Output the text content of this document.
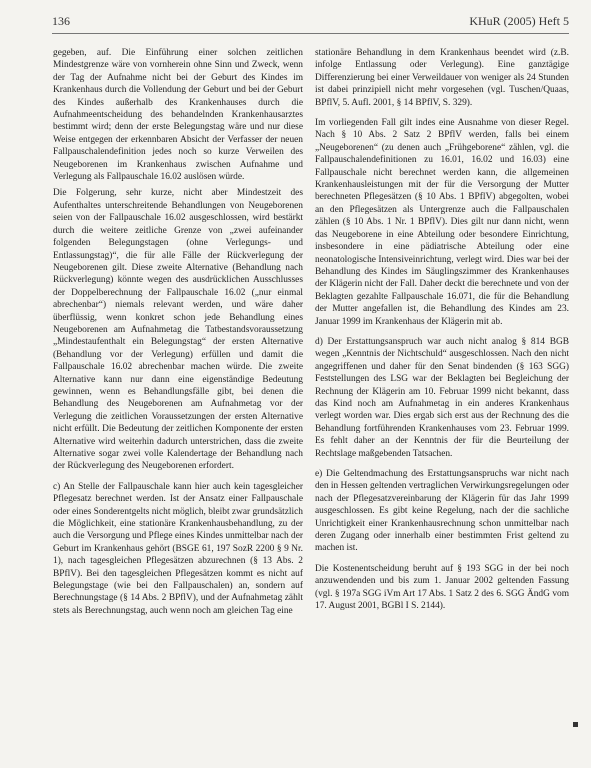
136	KHuR (2005) Heft 5

gegeben, auf. Die Einführung einer solchen zeitlichen Mindestgrenze wäre von vornherein ohne Sinn und Zweck, wenn der Tag der Aufnahme nicht bei der Geburt des Kindes im Krankenhaus durch die Vollendung der Geburt und bei der Geburt des Kindes außerhalb des Krankenhauses durch die Aufnahmeentscheidung des behandelnden Krankenhausarztes bestimmt wird; denn der erste Belegungstag wäre und nur diese Weise entgegen der erkennbaren Absicht der Verfasser der neuen Fallpauschalendefinition jedes noch so kurze Verweilen des Neugeborenen im Krankenhaus zwischen Aufnahme und Verlegung als Fallpauschale 16.02 auslösen würde.

Die Folgerung, sehr kurze, nicht aber Mindestzeit des Aufenthaltes unterschreitende Behandlungen von Neugeborenen seien von der Fallpauschale 16.02 ausgeschlossen, wird bestärkt durch die weitere zeitliche Grenze von „zwei aufeinander folgenden Belegungstagen (ohne Verlegungs- und Entlassungstag)“, die für alle Fälle der Rückverlegung der Neugeborenen gilt. Diese zweite Alternative (Behandlung nach Rückverlegung) könnte wegen des ausdrücklichen Ausschlusses der Doppelberechnung der Fallpauschale 16.02 („nur einmal abrechenbar“) niemals relevant werden, und wäre daher überflüssig, wenn konkret schon jede Behandlung eines Neugeborenen am Aufnahmetag die Tatbestandsvoraussetzung „Mindestaufenthalt ein Belegungstag“ der ersten Alternative (Behandlung vor der Verlegung) erfüllen und damit die Fallpauschale 16.02 abrechenbar machen würde. Die zweite Alternative kann nur dann eine eigenständige Bedeutung gewinnen, wenn es Behandlungsfälle gibt, bei denen die Behandlung des Neugeborenen am Aufnahmetag vor der Verlegung die zeitlichen Voraussetzungen der ersten Alternative nicht erfüllt. Die Bedeutung der zeitlichen Komponente der ersten Alternative wird weiterhin dadurch unterstrichen, dass die zweite Alternative sogar zwei volle Kalendertage der Behandlung nach der Rückverlegung des Neugeborenen erfordert.

c) An Stelle der Fallpauschale kann hier auch kein tagesgleicher Pflegesatz berechnet werden. Ist der Ansatz einer Fallpauschale oder eines Sonderentgelts nicht möglich, bleibt zwar grundsätzlich die Möglichkeit, eine stationäre Krankenhausbehandlung, zu der auch die Versorgung und Pflege eines Kindes unmittelbar nach der Geburt im Krankenhaus gehört (BSGE 61, 197 SozR 2200 § 9 Nr. 1), nach tagesgleichen Pflegesätzen abzurechnen (§ 13 Abs. 2 BPflV). Bei den tagesgleichen Pflegesätzen kommt es nicht auf Belegungstage (wie bei den Fallpauschalen) an, sondern auf Berechnungstage (§ 14 Abs. 2 BPflV), und der Aufnahmetag zählt stets als Berechnungstag, auch wenn noch am gleichen Tag eine

stationäre Behandlung in dem Krankenhaus beendet wird (z.B. infolge Entlassung oder Verlegung). Eine ganztägige Differenzierung bei einer Verweildauer von weniger als 24 Stunden ist dabei prinzipiell nicht mehr vorgesehen (vgl. Tuschen/Quaas, BPflV, 5. Aufl. 2001, § 14 BPflV, S. 329).

Im vorliegenden Fall gilt indes eine Ausnahme von dieser Regel. Nach § 10 Abs. 2 Satz 2 BPflV werden, falls bei einem „Neugeborenen“ (zu denen auch „Frühgeborene“ zählen, vgl. die Fallpauschalendefinitionen zu 16.01, 16.02 und 16.03) eine Fallpauschale nicht berechnet werden kann, die allgemeinen Krankenhausleistungen mit der für die Versorgung der Mutter berechneten Pflegesätzen (§ 10 Abs. 1 BPflV) abgegolten, wobei an den Pflegesätzen als Untergrenze auch die Fallpauschalen zählen (§ 10 Abs. 1 Nr. 1 BPflV). Dies gilt nur dann nicht, wenn das Neugeborene in eine Abteilung oder besondere Einrichtung, insbesondere in eine pädiatrische Abteilung oder eine neonatologische Intensiveinrichtung, verlegt wird. Dies war bei der Behandlung des Kindes im Säuglingszimmer des Krankenhauses der Klägerin nicht der Fall. Daher deckt die berechnete und von der Beklagten gezahlte Fallpauschale 16.071, die für die Behandlung der Mutter angefallen ist, die Behandlung des Kindes am 23. Januar 1999 im Krankenhaus der Klägerin mit ab.

d) Der Erstattungsanspruch war auch nicht analog § 814 BGB wegen „Kenntnis der Nichtschuld“ ausgeschlossen. Nach den nicht angegriffenen und daher für den Senat bindenden (§ 163 SGG) Feststellungen des LSG war der Beklagten bei Begleichung der Rechnung der Klägerin am 10. Februar 1999 nicht bekannt, dass das Kind noch am Aufnahmetag in ein anderes Krankenhaus verlegt worden war. Dies ergab sich erst aus der Rechnung des die Behandlung fortführenden Krankenhauses vom 23. Februar 1999. Es fehlt daher an der Kenntnis der für die Beurteilung der Rechtslage maßgebenden Tatsachen.

e) Die Geltendmachung des Erstattungsanspruchs war nicht nach den in Hessen geltenden vertraglichen Verwirkungsregelungen oder nach der Pflegesatzvereinbarung der Klägerin für das Jahr 1999 ausgeschlossen. Es gibt keine Regelung, nach der die sachliche Unrichtigkeit einer Krankenhausrechnung schon unmittelbar nach deren Zugang oder innerhalb einer bestimmten Frist geltend zu machen ist.

Die Kostenentscheidung beruht auf § 193 SGG in der bei noch anzuwendenden und bis zum 1. Januar 2002 geltenden Fassung (vgl. § 197a SGG iVm Art 17 Abs. 1 Satz 2 des 6. SGG ÄndG vom 17. August 2001, BGBl I S. 2144).
